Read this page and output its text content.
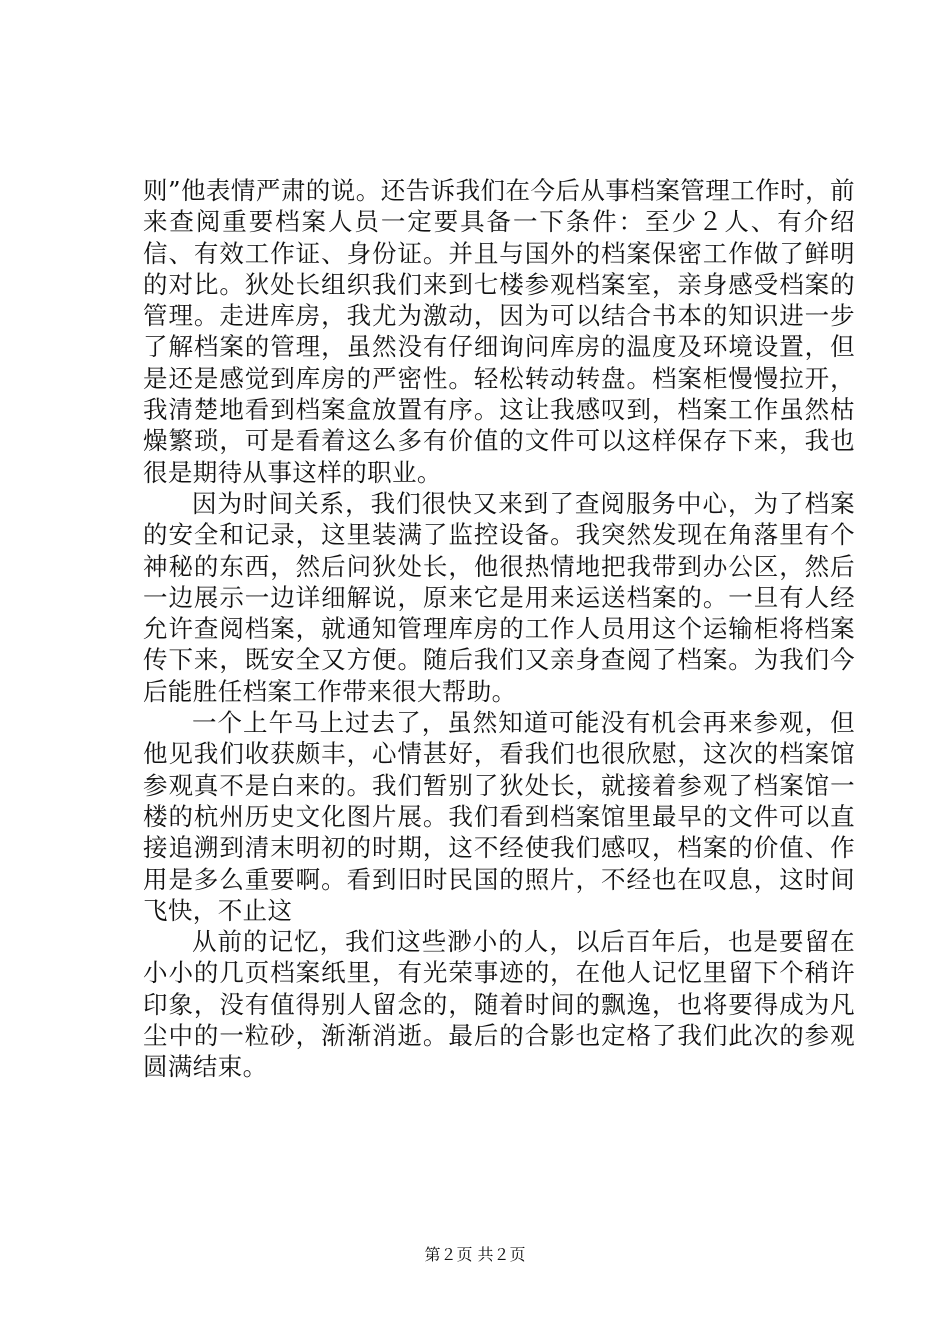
则”他表情严肃的说。还告诉我们在今后从事档案管理工作时，前来查阅重要档案人员一定要具备一下条件：至少２人、有介绍信、有效工作证、身份证。并且与国外的档案保密工作做了鲜明的对比。狄处长组织我们来到七楼参观档案室，亲身感受档案的管理。走进库房，我尤为激动，因为可以结合书本的知识进一步了解档案的管理，虽然没有仔细询问库房的温度及环境设置，但是还是感觉到库房的严密性。轻松转动转盘。档案柜慢慢拉开，我清楚地看到档案盒放置有序。这让我感叹到，档案工作虽然枯燥繁琐，可是看着这么多有价值的文件可以这样保存下来，我也很是期待从事这样的职业。

因为时间关系，我们很快又来到了查阅服务中心，为了档案的安全和记录，这里装满了监控设备。我突然发现在角落里有个神秘的东西，然后问狄处长，他很热情地把我带到办公区，然后一边展示一边详细解说，原来它是用来运送档案的。一旦有人经允许查阅档案，就通知管理库房的工作人员用这个运输柜将档案传下来，既安全又方便。随后我们又亲身查阅了档案。为我们今后能胜任档案工作带来很大帮助。

一个上午马上过去了，虽然知道可能没有机会再来参观，但他见我们收获颇丰，心情甚好，看我们也很欣慰，这次的档案馆参观真不是白来的。我们暂别了狄处长，就接着参观了档案馆一楼的杭州历史文化图片展。我们看到档案馆里最早的文件可以直接追溯到清末明初的时期，这不经使我们感叹，档案的价值、作用是多么重要啊。看到旧时民国的照片，不经也在叹息，这时间飞快，不止这

从前的记忆，我们这些渺小的人，以后百年后，也是要留在小小的几页档案纸里，有光荣事迹的，在他人记忆里留下个稍许印象，没有值得别人留念的，随着时间的飘逸，也将要得成为凡尘中的一粒砂，渐渐消逝。最后的合影也定格了我们此次的参观圆满结束。

第２页 共２页
